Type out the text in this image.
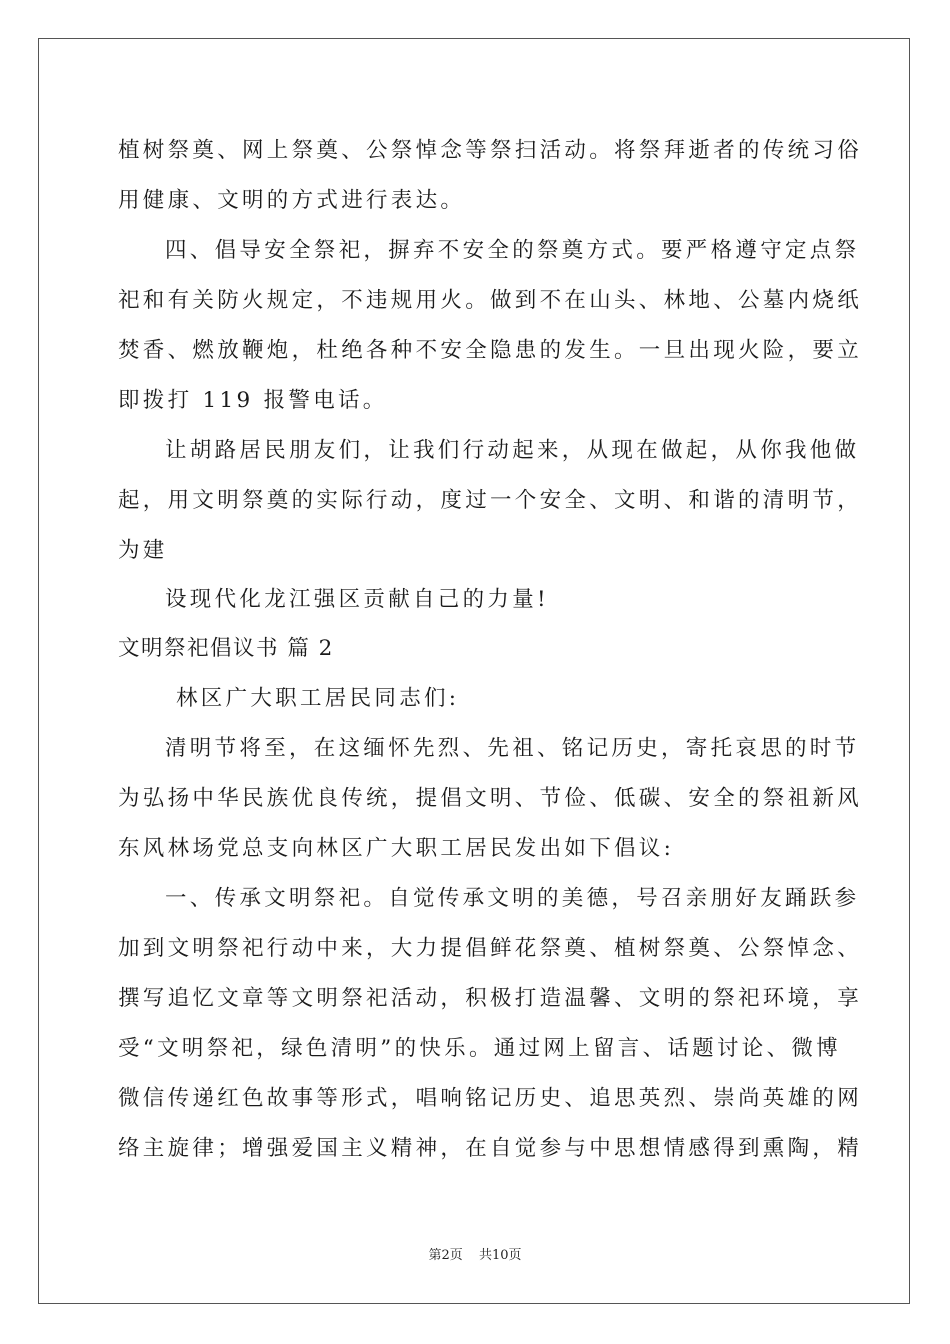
植树祭奠、网上祭奠、公祭悼念等祭扫活动。将祭拜逝者的传统习俗
用健康、文明的方式进行表达。
四、倡导安全祭祀，摒弃不安全的祭奠方式。要严格遵守定点祭
祀和有关防火规定，不违规用火。做到不在山头、林地、公墓内烧纸
焚香、燃放鞭炮，杜绝各种不安全隐患的发生。一旦出现火险，要立
即拨打 119 报警电话。
让胡路居民朋友们，让我们行动起来，从现在做起，从你我他做
起，用文明祭奠的实际行动，度过一个安全、文明、和谐的清明节，
为建
设现代化龙江强区贡献自己的力量!
文明祭祀倡议书 篇 2
林区广大职工居民同志们:
清明节将至，在这缅怀先烈、先祖、铭记历史，寄托哀思的时节
为弘扬中华民族优良传统，提倡文明、节俭、低碳、安全的祭祖新风
东风林场党总支向林区广大职工居民发出如下倡议:
一、传承文明祭祀。自觉传承文明的美德，号召亲朋好友踊跃参
加到文明祭祀行动中来，大力提倡鲜花祭奠、植树祭奠、公祭悼念、
撰写追忆文章等文明祭祀活动，积极打造温馨、文明的祭祀环境，享
受“文明祭祀，绿色清明”的快乐。通过网上留言、话题讨论、微博
微信传递红色故事等形式，唱响铭记历史、追思英烈、崇尚英雄的网
络主旋律；增强爱国主义精神，在自觉参与中思想情感得到熏陶，精
第2页 共10页
